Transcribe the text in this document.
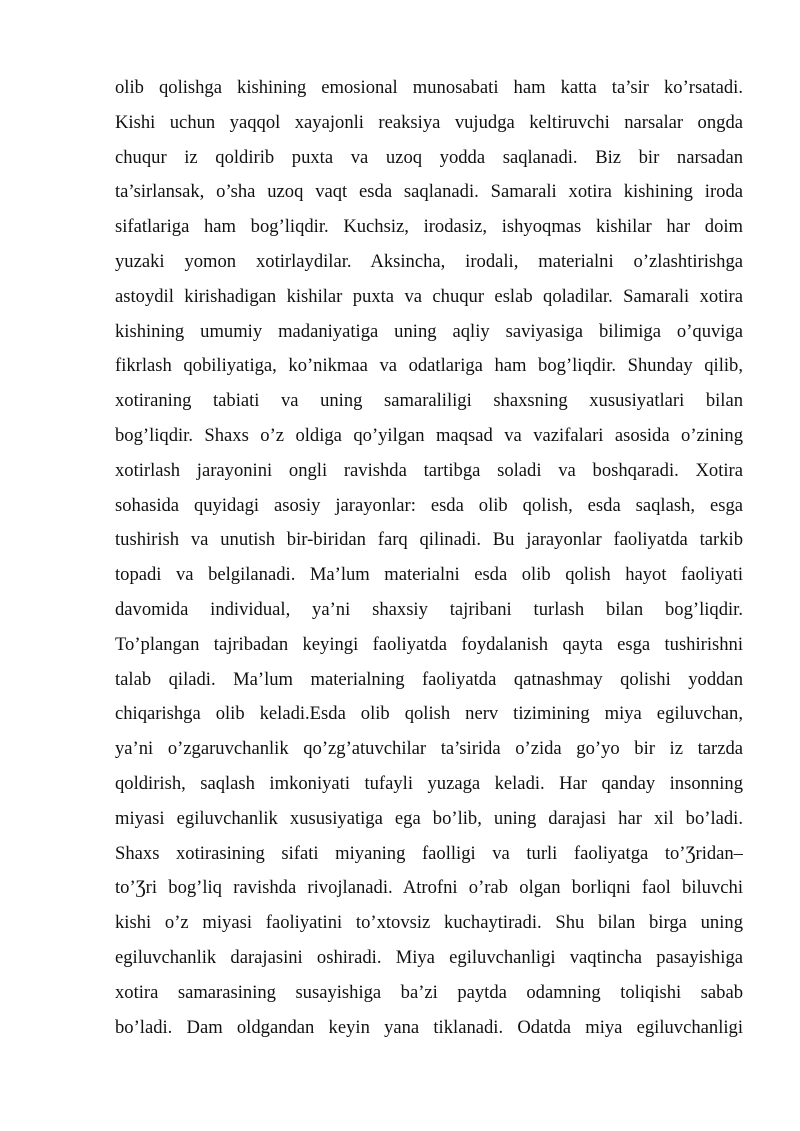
olib qolishga kishining emosional munosabati ham katta ta’sir ko’rsatadi.
Kishi uchun yaqqol xayajonli reaksiya vujudga keltiruvchi narsalar ongda
chuqur iz qoldirib puxta va uzoq yodda saqlanadi. Biz bir narsadan
ta’sirlansak, o’sha uzoq vaqt esda saqlanadi. Samarali xotira kishining iroda
sifatlariga ham bog’liqdir. Kuchsiz, irodasiz, ishyoqmas kishilar har doim
yuzaki yomon xotirlaydilar. Aksincha, irodali, materialni o’zlashtirishga
astoydil kirishadigan kishilar puxta va chuqur eslab qoladilar. Samarali xotira
kishining umumiy madaniyatiga uning aqliy saviyasiga bilimiga o’quviga
fikrlash qobiliyatiga, ko’nikmaa va odatlariga ham bog’liqdir. Shunday qilib,
xotiraning tabiati va uning samaraliligi shaxsning xususiyatlari bilan
bog’liqdir. Shaxs o’z oldiga qo’yilgan maqsad va vazifalari asosida o’zining
xotirlash jarayonini ongli ravishda tartibga soladi va boshqaradi. Xotira
sohasida quyidagi asosiy jarayonlar: esda olib qolish, esda saqlash, esga
tushirish va unutish bir-biridan farq qilinadi. Bu jarayonlar faoliyatda tarkib
topadi va belgilanadi. Ma’lum materialni esda olib qolish hayot faoliyati
davomida individual, ya’ni shaxsiy tajribani turlash bilan bog’liqdir.
To’plangan tajribadan keyingi faoliyatda foydalanish qayta esga tushirishni
talab qiladi. Ma’lum materialning faoliyatda qatnashmay qolishi yoddan
chiqarishga olib keladi.Esda olib qolish nerv tizimining miya egiluvchan,
ya’ni o’zgaruvchanlik qo’zg’atuvchilar ta’sirida o’zida go’yo bir iz tarzda
qoldirish, saqlash imkoniyati tufayli yuzaga keladi. Har qanday insonning
miyasi egiluvchanlik xususiyatiga ega bo’lib, uning darajasi har xil bo’ladi.
Shaxs xotirasining sifati miyaning faolligi va turli faoliyatga to’Ʒridan–
to’Ʒri bog’liq ravishda rivojlanadi. Atrofni o’rab olgan borliqni faol biluvchi
kishi o’z miyasi faoliyatini to’xtovsiz kuchaytiradi. Shu bilan birga uning
egiluvchanlik darajasini oshiradi. Miya egiluvchanligi vaqtincha pasayishiga
xotira samarasining susayishiga ba’zi paytda odamning toliqishi sabab
bo’ladi. Dam oldgandan keyin yana tiklanadi. Odatda miya egiluvchanligi
